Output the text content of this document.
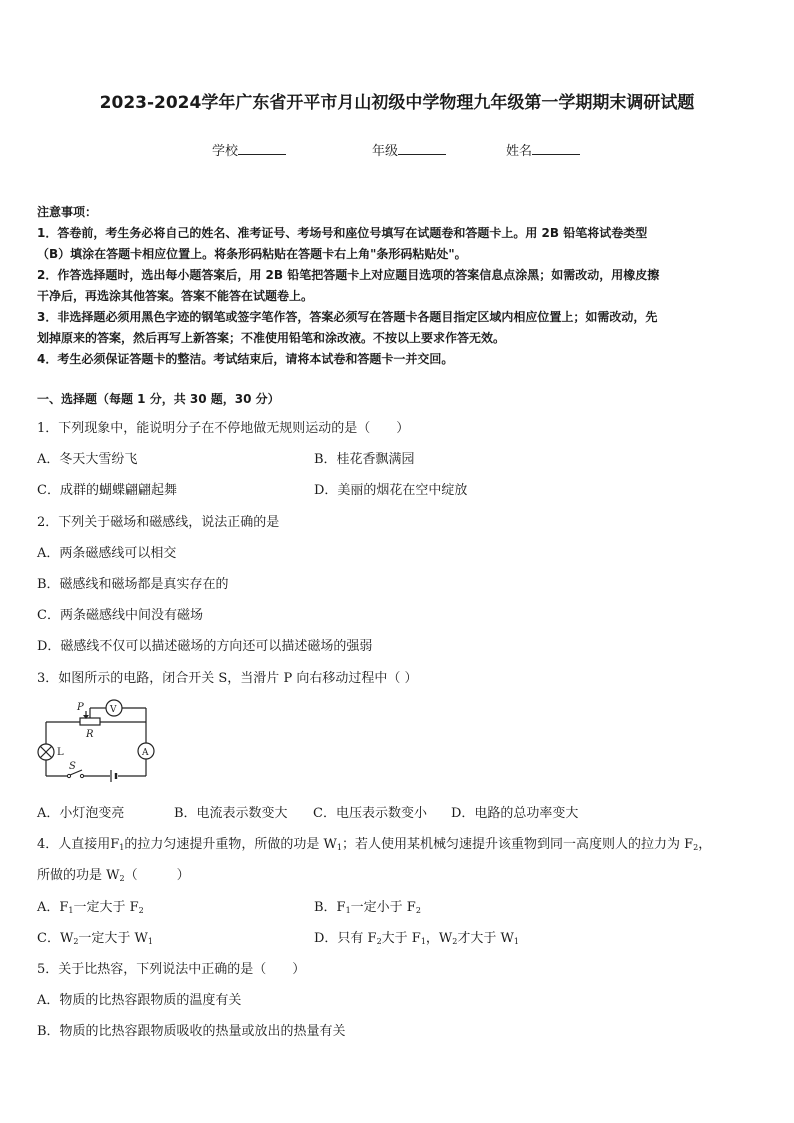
2023-2024学年广东省开平市月山初级中学物理九年级第一学期期末调研试题
学校	年级	姓名
注意事项：
1．答卷前，考生务必将自己的姓名、准考证号、考场号和座位号填写在试题卷和答题卡上。用 2B 铅笔将试卷类型
（B）填涂在答题卡相应位置上。将条形码粘贴在答题卡右上角"条形码粘贴处"。
2．作答选择题时，选出每小题答案后，用 2B 铅笔把答题卡上对应题目选项的答案信息点涂黑；如需改动，用橡皮擦
干净后，再选涂其他答案。答案不能答在试题卷上。
3．非选择题必须用黑色字迹的钢笔或签字笔作答，答案必须写在答题卡各题目指定区域内相应位置上；如需改动，先
划掉原来的答案，然后再写上新答案；不准使用铅笔和涂改液。不按以上要求作答无效。
4．考生必须保证答题卡的整洁。考试结束后，请将本试卷和答题卡一并交回。
一、选择题（每题 1 分，共 30 题，30 分）
1．下列现象中，能说明分子在不停地做无规则运动的是（　　）
A．冬天大雪纷飞	B．桂花香飘满园
C．成群的蝴蝶翩翩起舞	D．美丽的烟花在空中绽放
2．下列关于磁场和磁感线，说法正确的是
A．两条磁感线可以相交
B．磁感线和磁场都是真实存在的
C．两条磁感线中间没有磁场
D．磁感线不仅可以描述磁场的方向还可以描述磁场的强弱
3．如图所示的电路，闭合开关 S，当滑片 P 向右移动过程中（ ）
P
R
V
A
L
S
A．小灯泡变亮	B．电流表示数变大 C．电压表示数变小 D．电路的总功率变大
4．人直接用$F_1$的拉力匀速提升重物，所做的功是 $W_1$；若人使用某机械匀速提升该重物到同一高度则人的拉力为 $F_2$，
所做的功是 $W_2$（　　　）
A．$F_1$一定大于 $F_2$	B．$F_1$一定小于 $F_2$
C．$W_2$一定大于 $W_1$	D．只有 $F_2$大于 $F_1$，$W_2$才大于 $W_1$
5．关于比热容，下列说法中正确的是（　　）
A．物质的比热容跟物质的温度有关
B．物质的比热容跟物质吸收的热量或放出的热量有关
